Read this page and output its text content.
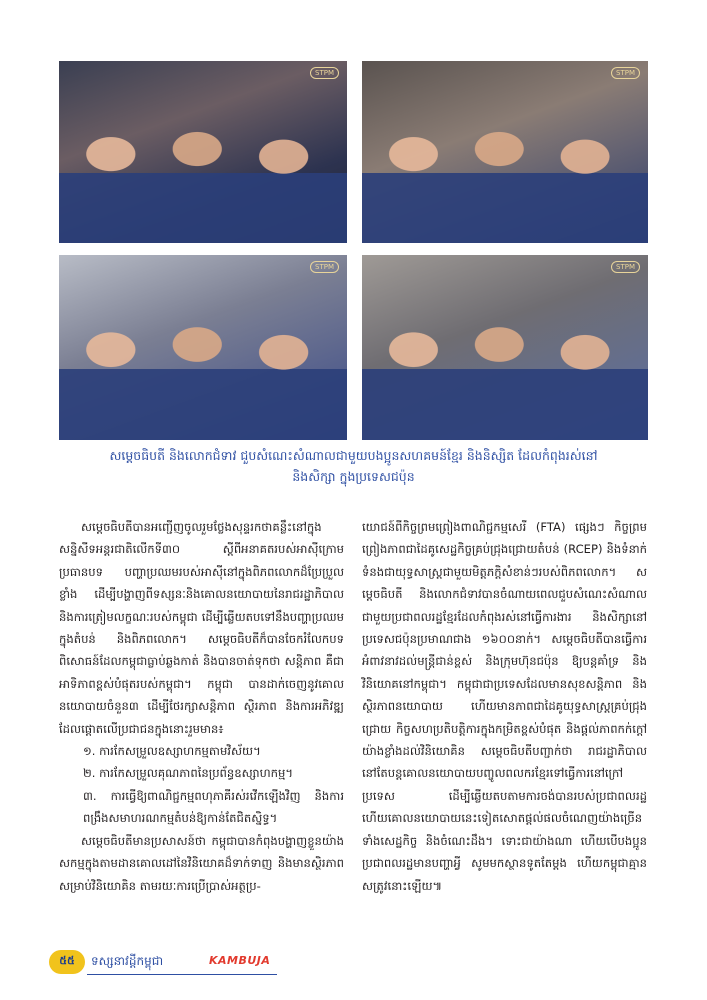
STPM	STPM
STPM	STPM
សម្តេចធិបតី និងលោកជំទាវ ជួបសំណេះសំណាលជាមួយបងប្អូនសហគមន៍ខ្មែរ និងនិស្សិត ដែលកំពុងរស់នៅ
និងសិក្សា ក្នុងប្រទេសជប៉ុន

សម្តេចធិបតីបានអញ្ជើញចូលរួមថ្លែងសុន្ទរកថាគន្លឹះនៅក្នុងសន្និសីទអន្តរជាតិលើកទី៣០ ស្តីពីអនាគតរបស់អាស៊ីក្រោមប្រធានបទ បញ្ហាប្រឈមរបស់អាស៊ីនៅក្នុងពិភពលោកដ៏ប្រែប្រួលខ្លាំង ដើម្បីបង្ហាញពីទស្សនៈនិងគោលនយោបាយនៃរាជរដ្ឋាភិបាល និងការត្រៀមលក្ខណៈរបស់កម្ពុជា ដើម្បីឆ្លើយតបទៅនឹងបញ្ហាប្រឈមក្នុងតំបន់ និងពិភពលោក។ សម្តេចធិបតីក៏បានចែករំលែកបទពិសោធន៍ដែលកម្ពុជាធ្លាប់ឆ្លងកាត់ និងបានចាត់ទុកថា សន្តិភាព គឺជាអាទិភាពខ្ពស់បំផុតរបស់កម្ពុជា។ កម្ពុជា បានដាក់ចេញនូវគោលនយោបាយចំនួន៣ ដើម្បីថែរក្សាសន្តិភាព ស្ថិរភាព និងការអភិវឌ្ឍ ដែលផ្តោតលើប្រជាជនក្នុងនោះរួមមាន៖

១. ការកែសម្រួលឧស្សាហកម្មតាមវិស័យ។

២. ការកែសម្រួលគុណភាពនៃប្រព័ន្ធឧស្សាហកម្ម។

៣. ការធ្វើឱ្យពាណិជ្ជកម្មពហុភាគីរស់រវើកឡើងវិញ និងការពង្រឹងសមាហរណកម្មតំបន់ឱ្យកាន់តែជិតស្និទ្ធ។

សម្តេចធិបតីមានប្រសាសន៍ថា កម្ពុជាបានកំពុងបង្ហាញខ្លួនយ៉ាងសកម្មក្នុងតាមដានគោលដៅនៃវិនិយោគដ៏ទាក់ទាញ និងមានស្ថិរភាពសម្រាប់វិនិយោគិន តាមរយៈការប្រើប្រាស់អត្ថប្រ-

យោជន៍ពីកិច្ចព្រមព្រៀងពាណិជ្ជកម្មសេរី (FTA) ផ្សេងៗ កិច្ចព្រមព្រៀងភាពជាដៃគូសេដ្ឋកិច្ចគ្រប់ជ្រុងជ្រោយតំបន់ (RCEP) និងទំនាក់ទំនងជាយុទ្ធសាស្ត្រជាមួយមិត្តភក្តិសំខាន់ៗរបស់ពិភពលោក។ សម្តេចធិបតី និងលោកជំទាវបានចំណាយពេលជួបសំណេះសំណាលជាមួយប្រជាពលរដ្ឋខ្មែរដែលកំពុងរស់នៅធ្វើការងារ និងសិក្សានៅប្រទេសជប៉ុនប្រមាណជាង ១៦០០នាក់។ សម្តេចធិបតីបានធ្វើការអំពាវនាវដល់មន្ត្រីជាន់ខ្ពស់ និងក្រុមហ៊ុនជប៉ុន ឱ្យបន្តគាំទ្រ និងវិនិយោគនៅកម្ពុជា។ កម្ពុជាជាប្រទេសដែលមានសុខសន្តិភាព និងស្ថិរភាពនយោបាយ ហើយមានភាពជាដៃគូយុទ្ធសាស្ត្រគ្រប់ជ្រុងជ្រោយ កិច្ចសហប្រតិបត្តិការក្នុងកម្រិតខ្ពស់បំផុត និងផ្តល់ភាពកក់ក្តៅយ៉ាងខ្លាំងដល់វិនិយោគិន សម្តេចធិបតីបញ្ជាក់ថា រាជរដ្ឋាភិបាលនៅតែបន្តគោលនយោបាយបញ្ចូលពលករខ្មែរទៅធ្វើការនៅក្រៅប្រទេស ដើម្បីឆ្លើយតបតាមការចង់បានរបស់ប្រជាពលរដ្ឋ ហើយគោលនយោបាយនេះទៀតសោតផ្តល់ផលចំណេញយ៉ាងច្រើនទាំងសេដ្ឋកិច្ច និងចំណេះដឹង។ ទោះជាយ៉ាងណា ហើយបើបងប្អូនប្រជាពលរដ្ឋមានបញ្ហាអ្វី សូមមកស្ថានទូតតែម្តង ហើយកម្ពុជាគ្មានសត្រូវនោះឡើយ៕

៥៥	ទស្សនាវដ្តីកម្ពុជា	KAMBUJA
